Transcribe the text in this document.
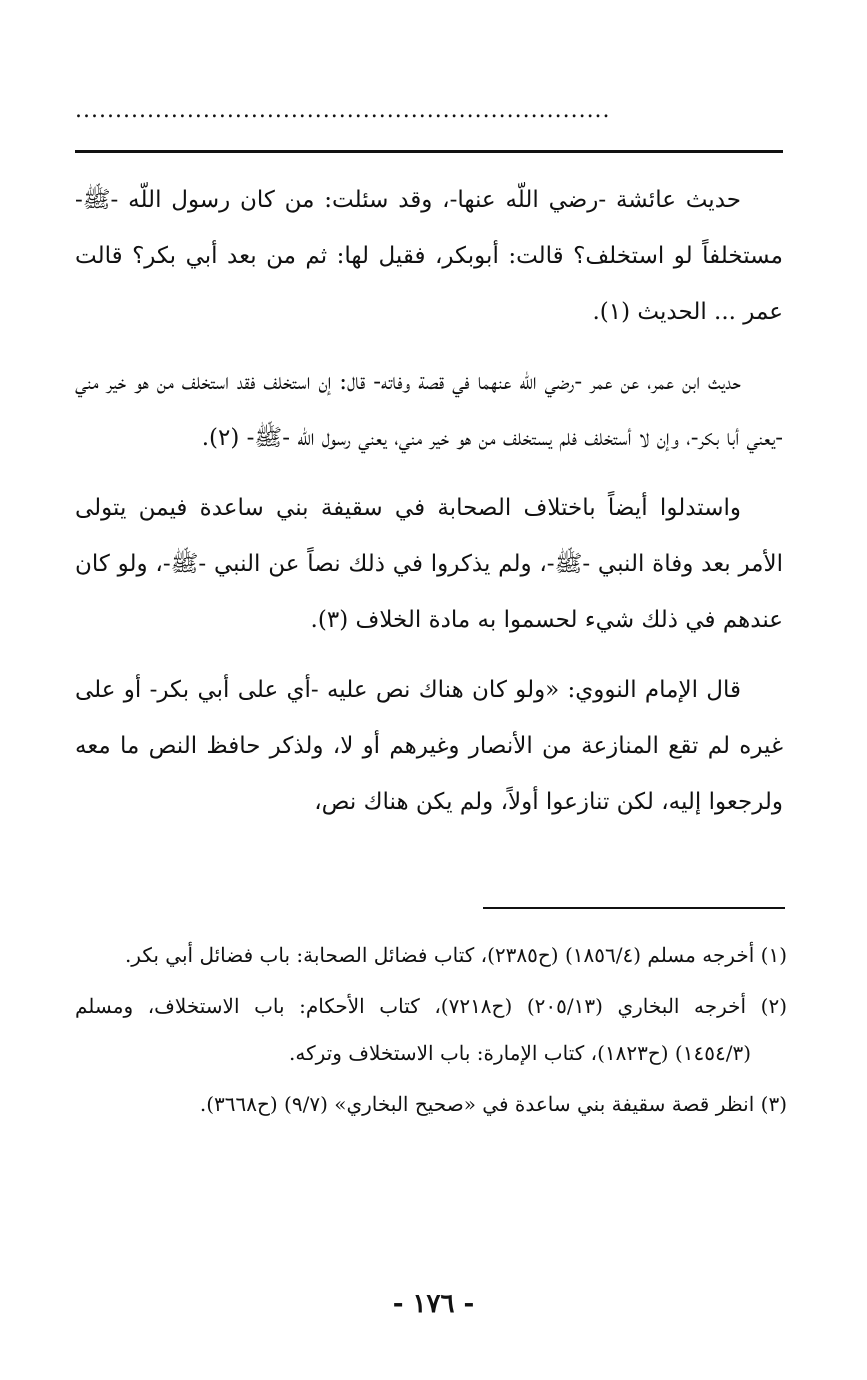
...................................................................

حديث عائشة -رضي اللّه عنها-، وقد سئلت: من كان رسول اللّه -ﷺ- مستخلفاً لو استخلف؟ قالت: أبوبكر، فقيل لها: ثم من بعد أبي بكر؟ قالت عمر ... الحديث (١).

حديث ابن عمر، عن عمر -رضي اللّه عنهما في قصة وفاته- قال: إن استخلف فقد استخلف من هو خير مني -يعني أبا بكر-، وإن لا أستخلف فلم يستخلف من هو خير مني، يعني رسول اللّه -ﷺ- (٢).

واستدلوا أيضاً باختلاف الصحابة في سقيفة بني ساعدة فيمن يتولى الأمر بعد وفاة النبي -ﷺ-، ولم يذكروا في ذلك نصاً عن النبي -ﷺ-، ولو كان عندهم في ذلك شيء لحسموا به مادة الخلاف (٣).

قال الإمام النووي: «ولو كان هناك نص عليه -أي على أبي بكر- أو على غيره لم تقع المنازعة من الأنصار وغيرهم أو لا، ولذكر حافظ النص ما معه ولرجعوا إليه، لكن تنازعوا أولاً، ولم يكن هناك نص،

(١) أخرجه مسلم (١٨٥٦/٤) (ح٢٣٨٥)، كتاب فضائل الصحابة: باب فضائل أبي بكر.

(٢) أخرجه البخاري (٢٠٥/١٣) (ح٧٢١٨)، كتاب الأحكام: باب الاستخلاف، ومسلم (١٤٥٤/٣) (ح١٨٢٣)، كتاب الإمارة: باب الاستخلاف وتركه.

(٣) انظر قصة سقيفة بني ساعدة في «صحيح البخاري» (٩/٧) (ح٣٦٦٨).

- ١٧٦ -
